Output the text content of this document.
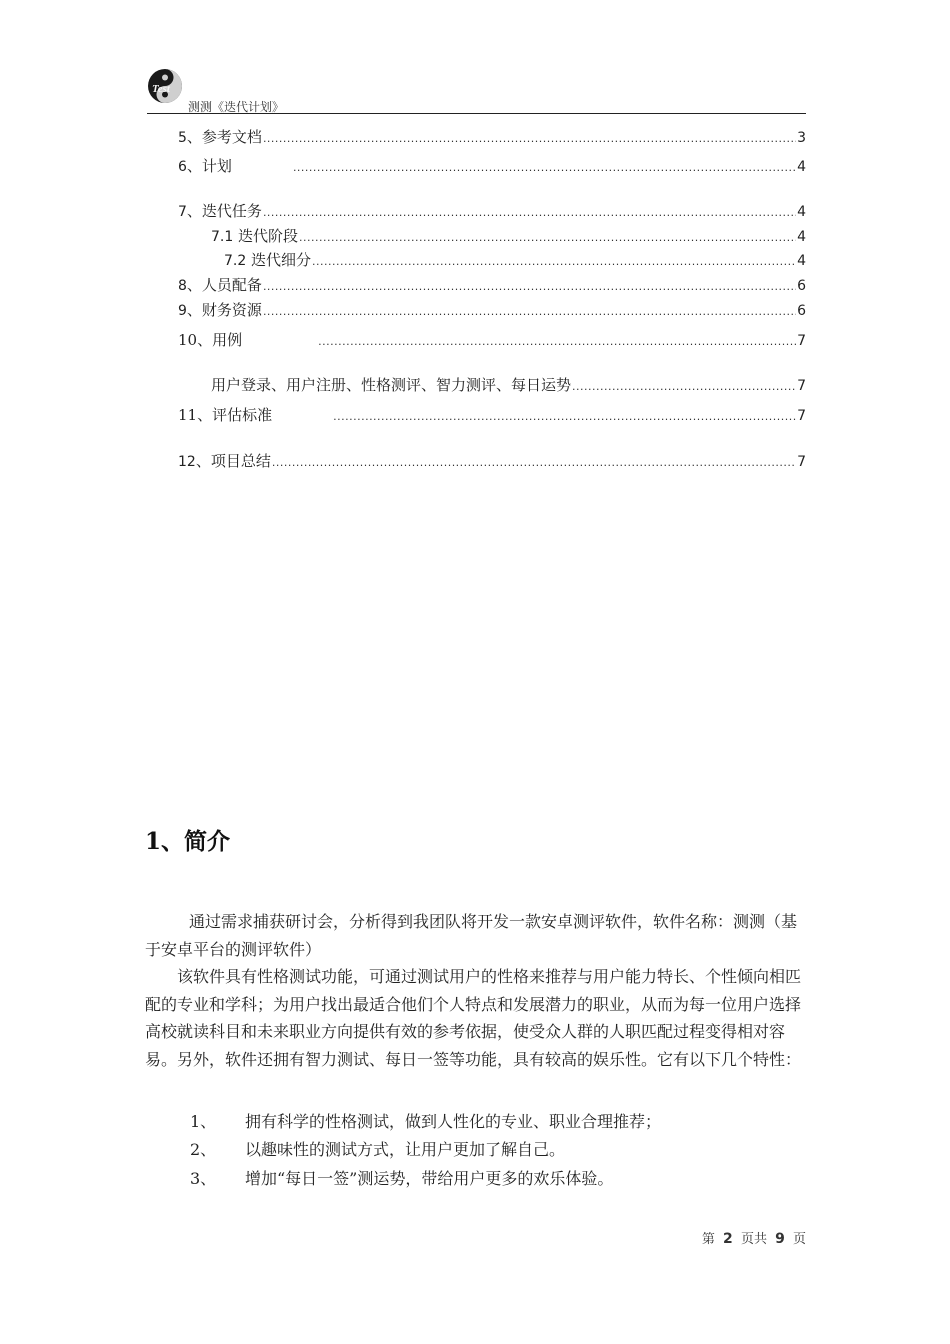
Test
测测《迭代计划》
5 、参考文档 .....	3
6 、计划 .....	4
7 、迭代任务 .....	4
7.1 迭代阶段 .....	4
7.2 迭代细分 .....	4
8 、人员配备 .....	6
9 、财务资源 .....	6
10、用例 .....	7
用户登录、用户注册、性格测评、智力测评、每日运势 .....	7
11、评估标准 .....	7
12 、项目总结 .....	7
1、简介
通过需求捕获研讨会，分析得到我团队将开发一款安卓测评软件，软件名称：测测（基于安卓平台的测评软件）
该软件具有性格测试功能，可通过测试用户的性格来推荐与用户能力特长、个性倾向相匹配的专业和学科；为用户找出最适合他们个人特点和发展潜力的职业，从而为每一位用户选择高校就读科目和未来职业方向提供有效的参考依据，使受众人群的人职匹配过程变得相对容易。另外，软件还拥有智力测试、每日一签等功能，具有较高的娱乐性。它有以下几个特性：
1、	拥有科学的性格测试，做到人性化的专业、职业合理推荐；
2、	以趣味性的测试方式，让用户更加了解自己。
3、	增加“每日一签”测运势，带给用户更多的欢乐体验。
第 2 页共 9 页
